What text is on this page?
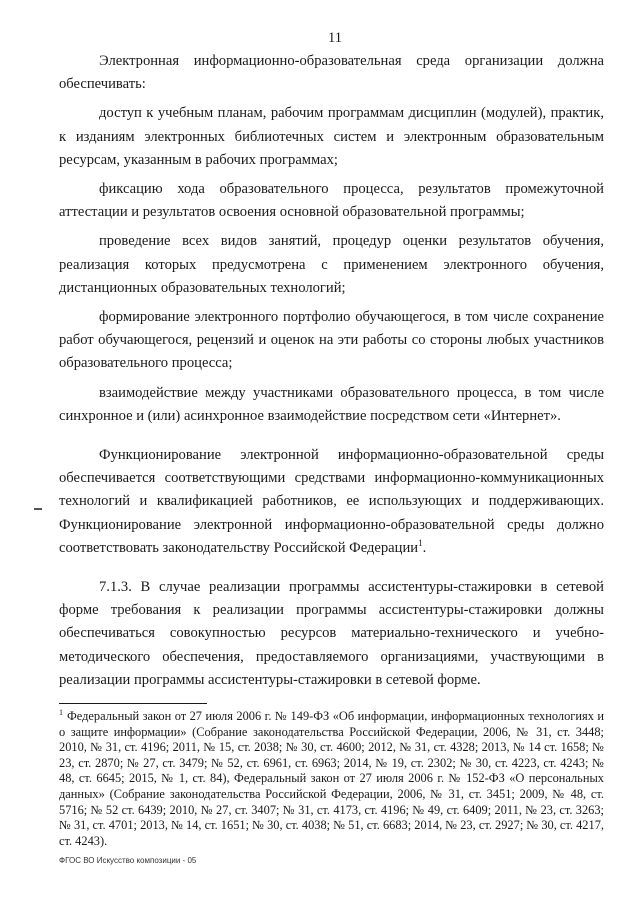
11

Электронная информационно-образовательная среда организации должна обеспечивать:

доступ к учебным планам, рабочим программам дисциплин (модулей), практик, к изданиям электронных библиотечных систем и электронным образовательным ресурсам, указанным в рабочих программах;

фиксацию хода образовательного процесса, результатов промежуточной аттестации и результатов освоения основной образовательной программы;

проведение всех видов занятий, процедур оценки результатов обучения, реализация которых предусмотрена с применением электронного обучения, дистанционных образовательных технологий;

формирование электронного портфолио обучающегося, в том числе сохранение работ обучающегося, рецензий и оценок на эти работы со стороны любых участников образовательного процесса;

взаимодействие между участниками образовательного процесса, в том числе синхронное и (или) асинхронное взаимодействие посредством сети «Интернет».

Функционирование электронной информационно-образовательной среды обеспечивается соответствующими средствами информационно-коммуникационных технологий и квалификацией работников, ее использующих и поддерживающих. Функционирование электронной информационно-образовательной среды должно соответствовать законодательству Российской Федерации$^1$.

7.1.3. В случае реализации программы ассистентуры-стажировки в сетевой форме требования к реализации программы ассистентуры-стажировки должны обеспечиваться совокупностью ресурсов материально-технического и учебно-методического обеспечения, предоставляемого организациями, участвующими в реализации программы ассистентуры-стажировки в сетевой форме.

$^1$ Федеральный закон от 27 июля 2006 г. № 149-ФЗ «Об информации, информационных технологиях и о защите информации» (Собрание законодательства Российской Федерации, 2006, № 31, ст. 3448; 2010, № 31, ст. 4196; 2011, № 15, ст. 2038; № 30, ст. 4600; 2012, № 31, ст. 4328; 2013, № 14 ст. 1658; № 23, ст. 2870; № 27, ст. 3479; № 52, ст. 6961, ст. 6963; 2014, № 19, ст. 2302; № 30, ст. 4223, ст. 4243; № 48, ст. 6645; 2015, № 1, ст. 84), Федеральный закон от 27 июля 2006 г. № 152-ФЗ «О персональных данных» (Собрание законодательства Российской Федерации, 2006, № 31, ст. 3451; 2009, № 48, ст. 5716; № 52 ст. 6439; 2010, № 27, ст. 3407; № 31, ст. 4173, ст. 4196; № 49, ст. 6409; 2011, № 23, ст. 3263; № 31, ст. 4701; 2013, № 14, ст. 1651; № 30, ст. 4038; № 51, ст. 6683; 2014, № 23, ст. 2927; № 30, ст. 4217, ст. 4243).
ФГОС ВО Искусство композиции - 05
